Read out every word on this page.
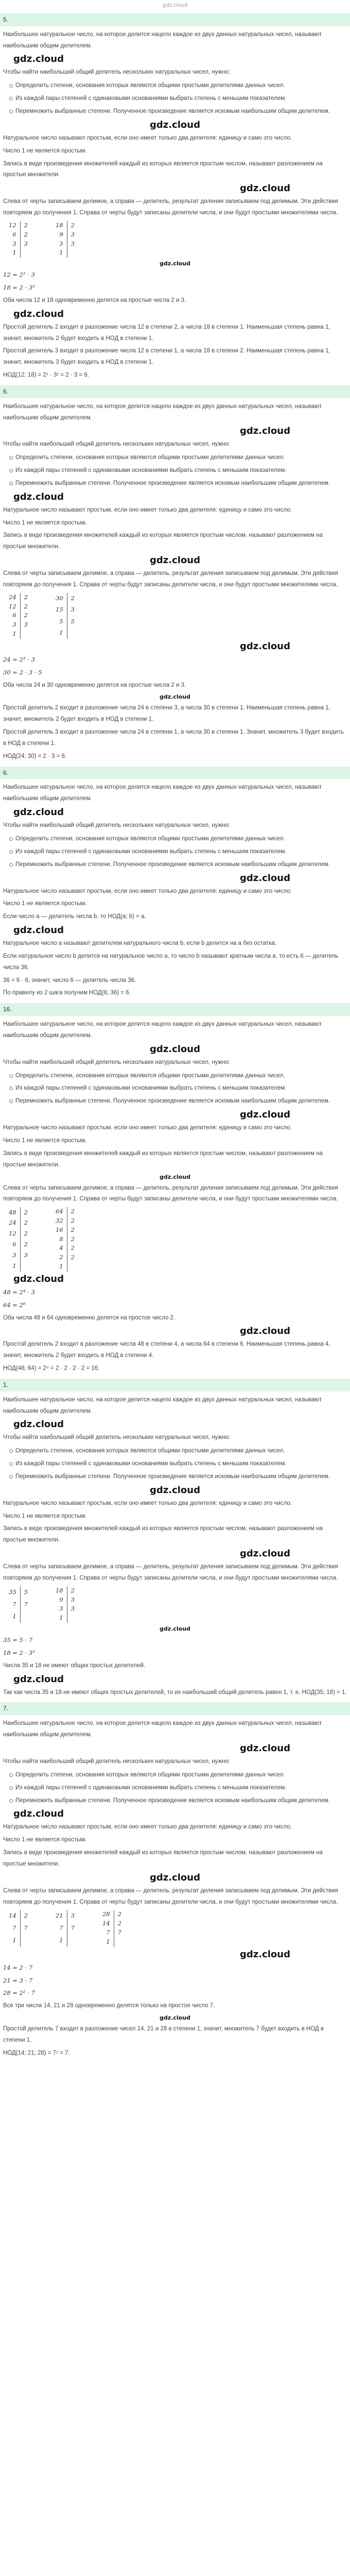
gdz.cloud
5.

Наибольшее натуральное число, на которое делится нацело каждое из двух данных натуральных чисел, называют наибольшим общим делителем.

gdz.cloud

Чтобы найти наибольший общий делитель нескольких натуральных чисел, нужно:

Определить степени, основания которых являются общими простыми делителями данных чисел.
Из каждой пары степеней с одинаковыми основаниями выбрать степень с меньшим показателем.
Перемножить выбранные степени. Полученное произведение является искомым наибольшим общим делителем.
gdz.cloud

Натуральное число называют простым, если оно имеет только два делителя: единицу и само это число.

Число 1 не является простым.

Запись в виде произведения множителей каждый из которых является простым числом, называют разложением на простые множители.

gdz.cloud

Слева от черты записываем делимое, а справа — делитель, результат деления записываем под делимым. Эти действия повторяем до получения 1. Справа от черты будут записаны делители числа, и они будут простыми множителями числа.

12	2
6	2
3	3
1	
18	2
9	3
3	3
1	
gdz.cloud
12 = 2² · 3
18 = 2 · 3²

Оба числа 12 и 18 одновременно делятся на простые числа 2 и 3.

gdz.cloud

Простой делитель 2 входит в разложение числа 12 в степени 2, а числа 18 в степени 1. Наименьшая степень равна 1, значит, множитель 2 будет входить в НОД в степени 1.

Простой делитель 3 входит в разложение числа 12 в степени 1, а числа 18 в степени 2. Наименьшая степень равна 1, значит, множитель 3 будет входить в НОД в степени 1.

НОД(12; 18) = 2¹ · 3¹ = 2 · 3 = 6.

6.

Наибольшее натуральное число, на которое делится нацело каждое из двух данных натуральных чисел, называют наибольшим общим делителем.

gdz.cloud

Чтобы найти наибольший общий делитель нескольких натуральных чисел, нужно:

Определить степени, основания которых являются общими простыми делителями данных чисел.
Из каждой пары степеней с одинаковыми основаниями выбрать степень с меньшим показателем.
Перемножить выбранные степени. Полученное произведение является искомым наибольшим общим делителем.
gdz.cloud

Натуральное число называют простым, если оно имеет только два делителя: единицу и само это число.

Число 1 не является простым.

Запись в виде произведения множителей каждый из которых является простым числом, называют разложением на простые множители.

gdz.cloud

Слева от черты записываем делимое, а справа — делитель, результат деления записываем под делимым. Эти действия повторяем до получения 1. Справа от черты будут записаны делители числа, и они будут простыми множителями числа.

24	2
12	2
6	2
3	3
1	
30	2
15	3
5	5
1	
gdz.cloud
24 = 2³ · 3
30 = 2 · 3 · 5

Оба числа 24 и 30 одновременно делятся на простые числа 2 и 3.

gdz.cloud

Простой делитель 2 входит в разложение числа 24 в степени 3, а числа 30 в степени 1. Наименьшая степень равна 1, значит, множитель 2 будет входить в НОД в степени 1.

Простой делитель 3 входит в разложение числа 24 в степени 1, а числа 30 в степени 1. Значит, множитель 3 будет входить в НОД в степени 1.

НОД(24; 30) = 2 · 3 = 6.

6.

Наибольшее натуральное число, на которое делится нацело каждое из двух данных натуральных чисел, называют наибольшим общим делителем.

gdz.cloud

Чтобы найти наибольший общий делитель нескольких натуральных чисел, нужно:

Определить степени, основания которых являются общими простыми делителями данных чисел.
Из каждой пары степеней с одинаковыми основаниями выбрать степень с меньшим показателем.
Перемножить выбранные степени. Полученное произведение является искомым наибольшим общим делителем.
gdz.cloud

Натуральное число называют простым, если оно имеет только два делителя: единицу и само это число.

Число 1 не является простым.

Если число a — делитель числа b, то НОД(a; b) = a.

gdz.cloud

Натуральное число a называют делителем натурального числа b, если b делится на a без остатка.

Если натуральное число b делится на натуральное число a, то число b называют кратным числа a, то есть 6 — делитель числа 36.

36 = 6 · 6, значит, число 6 — делитель числа 36.

По правилу из 2 шага получим НОД(6; 36) = 6.

16.

Наибольшее натуральное число, на которое делится нацело каждое из двух данных натуральных чисел, называют наибольшим общим делителем.

gdz.cloud

Чтобы найти наибольший общий делитель нескольких натуральных чисел, нужно:

Определить степени, основания которых являются общими простыми делителями данных чисел.
Из каждой пары степеней с одинаковыми основаниями выбрать степень с меньшим показателем.
Перемножить выбранные степени. Полученное произведение является искомым наибольшим общим делителем.
gdz.cloud

Натуральное число называют простым, если оно имеет только два делителя: единицу и само это число.

Число 1 не является простым.

Запись в виде произведения множителей каждый из которых является простым числом, называют разложением на простые множители.

gdz.cloud

Слева от черты записываем делимое, а справа — делитель, результат деления записываем под делимым. Эти действия повторяем до получения 1. Справа от черты будут записаны делители числа, и они будут простыми множителями числа.

48	2
24	2
12	2
6	2
3	3
1	
64	2
32	2
16	2
8	2
4	2
2	2
1	
gdz.cloud
48 = 2⁴ · 3
64 = 2⁶

Оба числа 48 и 64 одновременно делятся на простое число 2.

gdz.cloud

Простой делитель 2 входит в разложение числа 48 в степени 4, а числа 64 в степени 6. Наименьшая степень равна 4, значит, множитель 2 будет входить в НОД в степени 4.

НОД(48; 64) = 2⁴ = 2 · 2 · 2 · 2 = 16.

1.

Наибольшее натуральное число, на которое делится нацело каждое из двух данных натуральных чисел, называют наибольшим общим делителем.

gdz.cloud

Чтобы найти наибольший общий делитель нескольких натуральных чисел, нужно:

Определить степени, основания которых являются общими простыми делителями данных чисел.
Из каждой пары степеней с одинаковыми основаниями выбрать степень с меньшим показателем.
Перемножить выбранные степени. Полученное произведение является искомым наибольшим общим делителем.
gdz.cloud

Натуральное число называют простым, если оно имеет только два делителя: единицу и само это число.

Число 1 не является простым.

Запись в виде произведения множителей каждый из которых является простым числом, называют разложением на простые множители.

gdz.cloud

Слева от черты записываем делимое, а справа — делитель, результат деления записываем под делимым. Эти действия повторяем до получения 1. Справа от черты будут записаны делители числа, и они будут простыми множителями числа.

35	5
7	7
1	
18	2
9	3
3	3
1	
gdz.cloud
35 = 5 · 7
18 = 2 · 3²

Числа 35 и 18 не имеют общих простых делителей.

gdz.cloud

Так как числа 35 и 18 не имеют общих простых делителей, то их наибольший общий делитель равен 1, т. е. НОД(35; 18) = 1.

7.

Наибольшее натуральное число, на которое делится нацело каждое из двух данных натуральных чисел, называют наибольшим общим делителем.

gdz.cloud

Чтобы найти наибольший общий делитель нескольких натуральных чисел, нужно:

Определить степени, основания которых являются общими простыми делителями данных чисел.
Из каждой пары степеней с одинаковыми основаниями выбрать степень с меньшим показателем.
Перемножить выбранные степени. Полученное произведение является искомым наибольшим общим делителем.
gdz.cloud

Натуральное число называют простым, если оно имеет только два делителя: единицу и само это число.

Число 1 не является простым.

Запись в виде произведения множителей каждый из которых является простым числом, называют разложением на простые множители.

gdz.cloud

Слева от черты записываем делимое, а справа — делитель, результат деления записываем под делимым. Эти действия повторяем до получения 1. Справа от черты будут записаны делители числа, и они будут простыми множителями числа.

14	2
7	7
1	
21	3
7	7
1	
28	2
14	2
7	7
1	
gdz.cloud
14 = 2 · 7
21 = 3 · 7
28 = 2² · 7

Все три числа 14, 21 и 28 одновременно делятся только на простое число 7.

gdz.cloud

Простой делитель 7 входит в разложение чисел 14, 21 и 28 в степени 1, значит, множитель 7 будет входить в НОД в степени 1.

НОД(14; 21; 28) = 7¹ = 7.
